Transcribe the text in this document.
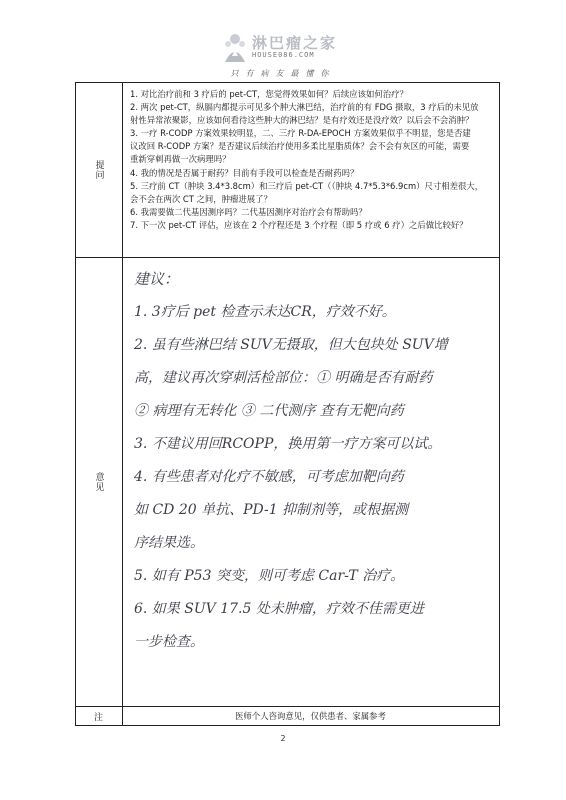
淋巴瘤之家
HOUSE086.COM
只有病友最懂你
提问
意见
注

1. 对比治疗前和 3 疗后的 pet-CT，您觉得效果如何？后续应该如何治疗？

2. 两次 pet-CT，纵膈内都提示可见多个肿大淋巴结，治疗前的有 FDG 摄取，3 疗后的未见放

射性异常浓聚影，应该如何看待这些肿大的淋巴结？是有疗效还是没疗效？以后会不会消肿？

3. 一疗 R-CODP 方案效果较明显，二、三疗 R-DA-EPOCH 方案效果似乎不明显，您是否建

议改回 R-CODP 方案？是否建议后续治疗使用多柔比星脂质体？会不会有灰区的可能，需要

重新穿刺再做一次病理吗？

4. 我的情况是否属于耐药？目前有手段可以检查是否耐药吗？

5. 三疗前 CT（肿块 3.4*3.8cm）和三疗后 pet-CT（（肿块 4.7*5.3*6.9cm）尺寸相差很大，

会不会在两次 CT 之间，肿瘤进展了？

6. 我需要做二代基因测序吗？二代基因测序对治疗会有帮助吗？

7. 下一次 pet-CT 评估，应该在 2 个疗程还是 3 个疗程（即 5 疗或 6 疗）之后做比较好？

建议：

1. 3疗后 pet 检查示未达CR，疗效不好。

2. 虽有些淋巴结 SUV无摄取，但大包块处 SUV增

高，建议再次穿刺活检部位：① 明确是否有耐药

② 病理有无转化 ③ 二代测序 查有无靶向药

3. 不建议用回RCOPP，换用第一疗方案可以试。

4. 有些患者对化疗不敏感，可考虑加靶向药

如 CD 20 单抗、PD-1 抑制剂等，或根据测

序结果选。

5. 如有 P53 突变，则可考虑 Car-T 治疗。

6. 如果 SUV 17.5 处未肿瘤，疗效不佳需更进

一步检查。

医师个人咨询意见，仅供患者、家属参考
2
